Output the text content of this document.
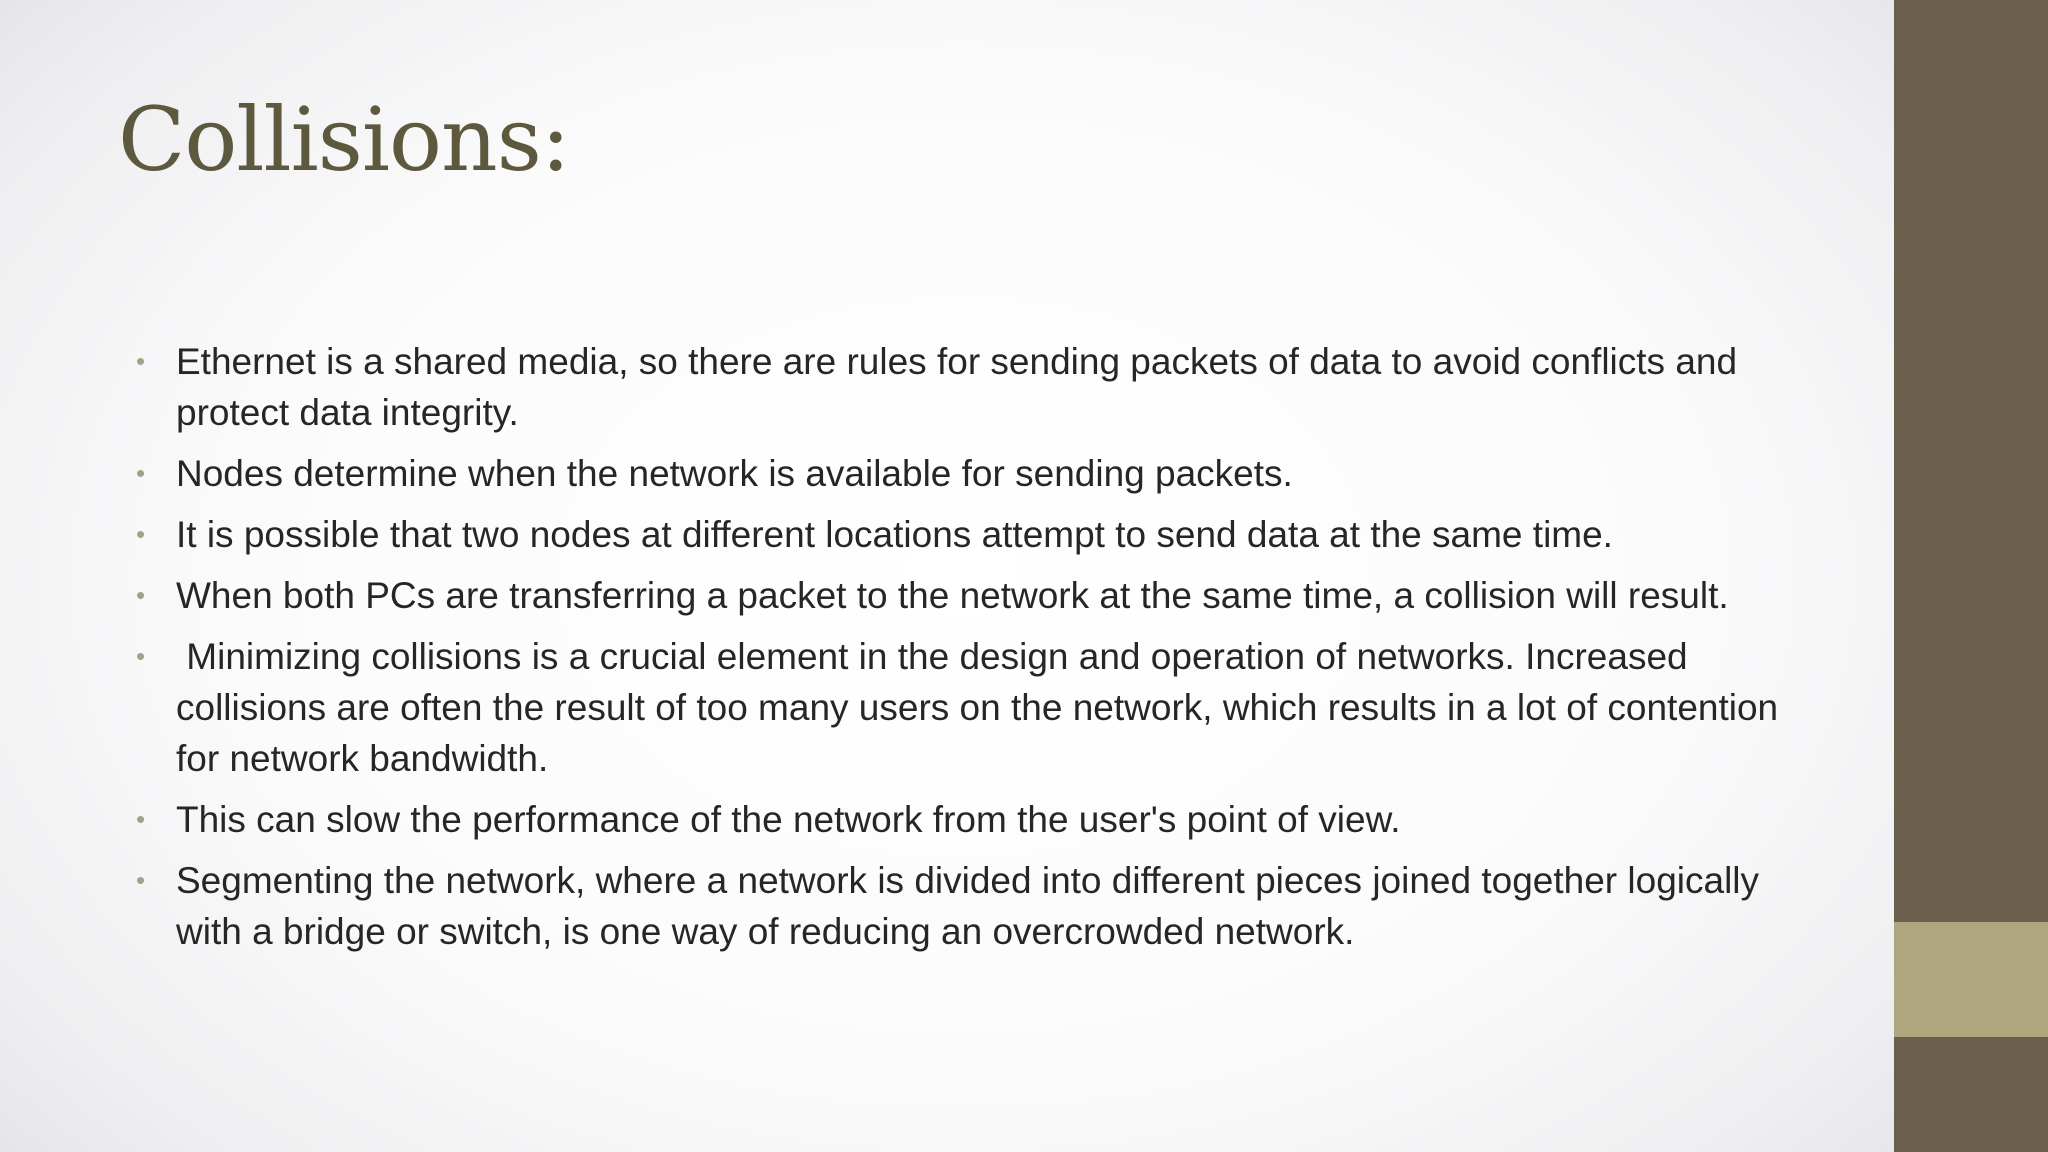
Collisions:
• Ethernet is a shared media, so there are rules for sending packets of data to avoid conflicts and protect data integrity.
• Nodes determine when the network is available for sending packets.
• It is possible that two nodes at different locations attempt to send data at the same time.
• When both PCs are transferring a packet to the network at the same time, a collision will result.
• Minimizing collisions is a crucial element in the design and operation of networks. Increased collisions are often the result of too many users on the network, which results in a lot of contention for network bandwidth.
• This can slow the performance of the network from the user's point of view.
• Segmenting the network, where a network is divided into different pieces joined together logically with a bridge or switch, is one way of reducing an overcrowded network.
